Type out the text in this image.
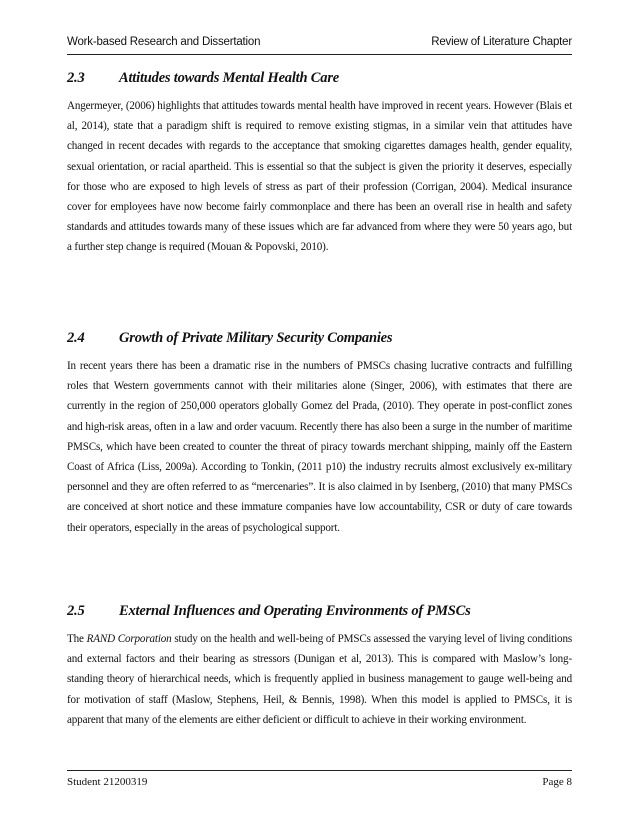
Work-based Research and Dissertation	Review of Literature Chapter
2.3	Attitudes towards Mental Health Care

Angermeyer, (2006) highlights that attitudes towards mental health have improved in recent years. However (Blais et al, 2014), state that a paradigm shift is required to remove existing stigmas, in a similar vein that attitudes have changed in recent decades with regards to the acceptance that smoking cigarettes damages health, gender equality, sexual orientation, or racial apartheid. This is essential so that the subject is given the priority it deserves, especially for those who are exposed to high levels of stress as part of their profession (Corrigan, 2004). Medical insurance cover for employees have now become fairly commonplace and there has been an overall rise in health and safety standards and attitudes towards many of these issues which are far advanced from where they were 50 years ago, but a further step change is required (Mouan & Popovski, 2010).

2.4	Growth of Private Military Security Companies

In recent years there has been a dramatic rise in the numbers of PMSCs chasing lucrative contracts and fulfilling roles that Western governments cannot with their militaries alone (Singer, 2006), with estimates that there are currently in the region of 250,000 operators globally Gomez del Prada, (2010). They operate in post-conflict zones and high-risk areas, often in a law and order vacuum. Recently there has also been a surge in the number of maritime PMSCs, which have been created to counter the threat of piracy towards merchant shipping, mainly off the Eastern Coast of Africa (Liss, 2009a). According to Tonkin, (2011 p10) the industry recruits almost exclusively ex-military personnel and they are often referred to as “mercenaries”. It is also claimed in by Isenberg, (2010) that many PMSCs are conceived at short notice and these immature companies have low accountability, CSR or duty of care towards their operators, especially in the areas of psychological support.

2.5	External Influences and Operating Environments of PMSCs

The RAND Corporation study on the health and well-being of PMSCs assessed the varying level of living conditions and external factors and their bearing as stressors (Dunigan et al, 2013). This is compared with Maslow’s long-standing theory of hierarchical needs, which is frequently applied in business management to gauge well-being and for motivation of staff (Maslow, Stephens, Heil, & Bennis, 1998). When this model is applied to PMSCs, it is apparent that many of the elements are either deficient or difficult to achieve in their working environment.

Student 21200319	Page 8
